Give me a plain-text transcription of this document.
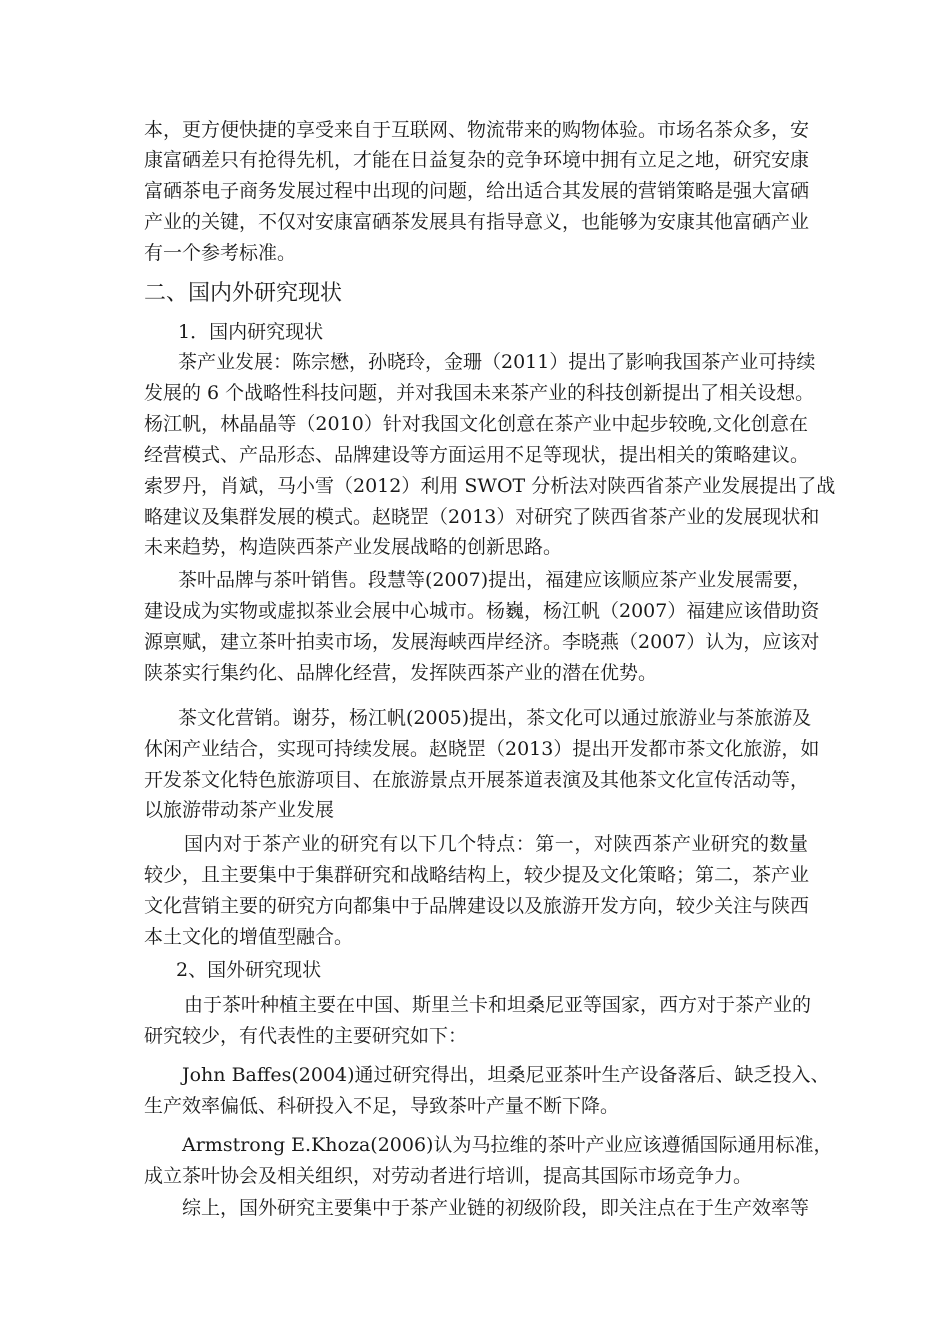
本，更方便快捷的享受来自于互联网、物流带来的购物体验。市场名茶众多，安
康富硒差只有抢得先机，才能在日益复杂的竞争环境中拥有立足之地，研究安康
富硒茶电子商务发展过程中出现的问题，给出适合其发展的营销策略是强大富硒
产业的关键，不仅对安康富硒茶发展具有指导意义，也能够为安康其他富硒产业
有一个参考标准。
二、国内外研究现状
1．国内研究现状
茶产业发展：陈宗懋，孙晓玲，金珊（2011）提出了影响我国茶产业可持续
发展的 6 个战略性科技问题，并对我国未来茶产业的科技创新提出了相关设想。
杨江帆，林晶晶等（2010）针对我国文化创意在茶产业中起步较晚,文化创意在
经营模式、产品形态、品牌建设等方面运用不足等现状，提出相关的策略建议。
索罗丹，肖斌，马小雪（2012）利用 SWOT 分析法对陕西省茶产业发展提出了战
略建议及集群发展的模式。赵晓罡（2013）对研究了陕西省茶产业的发展现状和
未来趋势，构造陕西茶产业发展战略的创新思路。
茶叶品牌与茶叶销售。段慧等(2007)提出，福建应该顺应茶产业发展需要，
建设成为实物或虚拟茶业会展中心城市。杨巍，杨江帆（2007）福建应该借助资
源禀赋，建立茶叶拍卖市场，发展海峡西岸经济。李晓燕（2007）认为，应该对
陕茶实行集约化、品牌化经营，发挥陕西茶产业的潜在优势。
茶文化营销。谢芬，杨江帆(2005)提出，茶文化可以通过旅游业与茶旅游及
休闲产业结合，实现可持续发展。赵晓罡（2013）提出开发都市茶文化旅游，如
开发茶文化特色旅游项目、在旅游景点开展茶道表演及其他茶文化宣传活动等，
以旅游带动茶产业发展
国内对于茶产业的研究有以下几个特点：第一，对陕西茶产业研究的数量
较少，且主要集中于集群研究和战略结构上，较少提及文化策略；第二，茶产业
文化营销主要的研究方向都集中于品牌建设以及旅游开发方向，较少关注与陕西
本土文化的增值型融合。
2、国外研究现状
由于茶叶种植主要在中国、斯里兰卡和坦桑尼亚等国家，西方对于茶产业的
研究较少，有代表性的主要研究如下：
John Baffes(2004)通过研究得出，坦桑尼亚茶叶生产设备落后、缺乏投入、
生产效率偏低、科研投入不足，导致茶叶产量不断下降。
Armstrong E.Khoza(2006)认为马拉维的茶叶产业应该遵循国际通用标准，
成立茶叶协会及相关组织，对劳动者进行培训，提高其国际市场竞争力。
综上，国外研究主要集中于茶产业链的初级阶段，即关注点在于生产效率等
